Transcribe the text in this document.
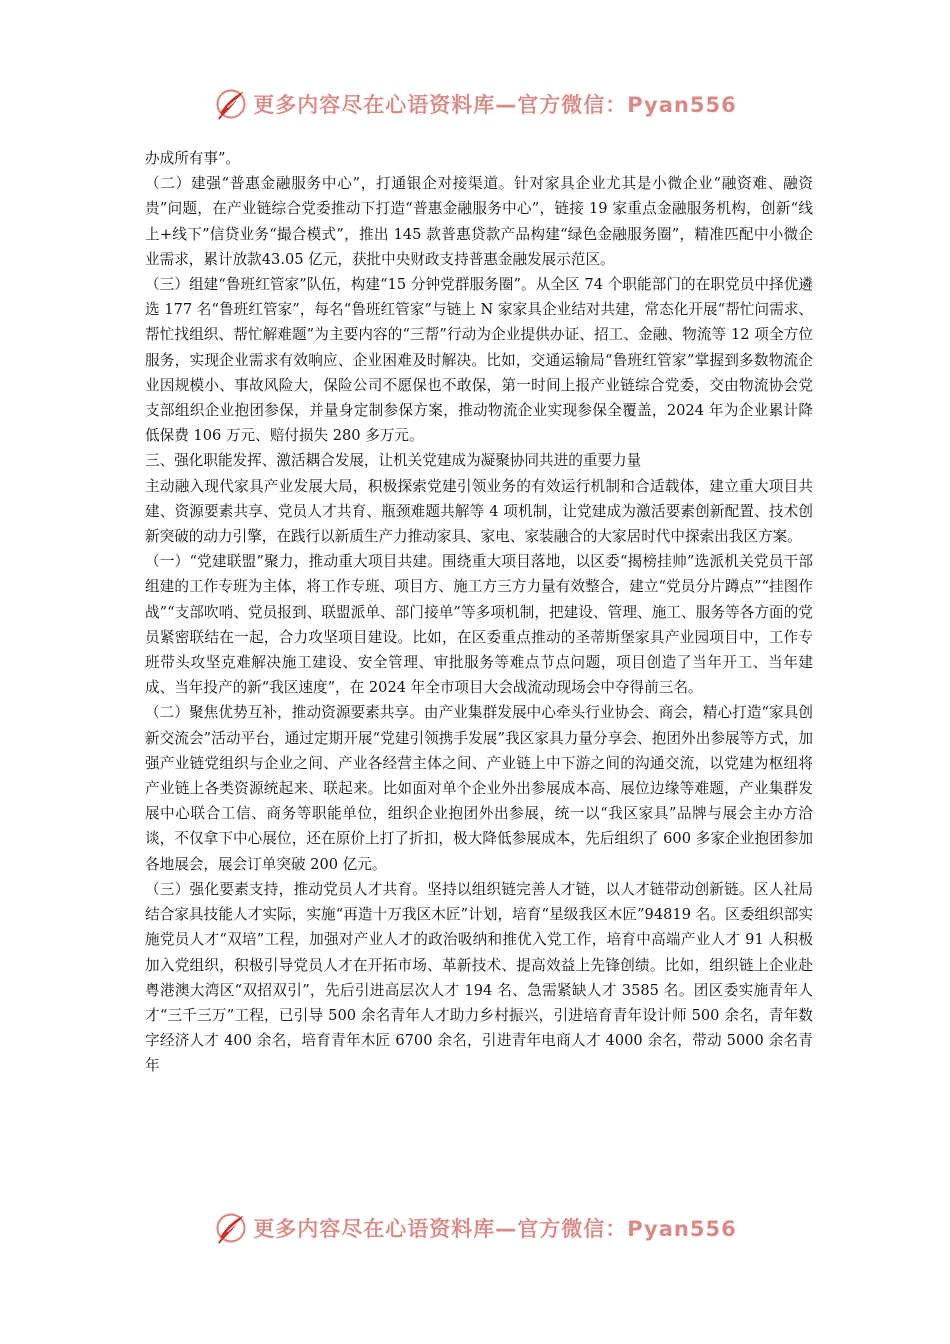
更多内容尽在心语资料库—官方微信：Pyan556

办成所有事”。

（二）建强“普惠金融服务中心”，打通银企对接渠道。针对家具企业尤其是小微企业“融资难、融资贵”问题，在产业链综合党委推动下打造“普惠金融服务中心”，链接 19 家重点金融服务机构，创新“线上+线下”信贷业务“撮合模式”，推出 145 款普惠贷款产品构建“绿色金融服务圈”，精准匹配中小微企业需求，累计放款43.05 亿元，获批中央财政支持普惠金融发展示范区。

（三）组建“鲁班红管家”队伍，构建“15 分钟党群服务圈”。从全区 74 个职能部门的在职党员中择优遴选 177 名“鲁班红管家”，每名“鲁班红管家”与链上 N 家家具企业结对共建，常态化开展“帮忙问需求、帮忙找组织、帮忙解难题”为主要内容的“三帮”行动为企业提供办证、招工、金融、物流等 12 项全方位服务，实现企业需求有效响应、企业困难及时解决。比如，交通运输局“鲁班红管家”掌握到多数物流企业因规模小、事故风险大，保险公司不愿保也不敢保，第一时间上报产业链综合党委，交由物流协会党支部组织企业抱团参保，并量身定制参保方案，推动物流企业实现参保全覆盖，2024 年为企业累计降低保费 106 万元、赔付损失 280 多万元。

三、强化职能发挥、激活耦合发展，让机关党建成为凝聚协同共进的重要力量

主动融入现代家具产业发展大局，积极探索党建引领业务的有效运行机制和合适载体，建立重大项目共建、资源要素共享、党员人才共育、瓶颈难题共解等 4 项机制，让党建成为激活要素创新配置、技术创新突破的动力引擎，在践行以新质生产力推动家具、家电、家装融合的大家居时代中探索出我区方案。

（一）“党建联盟”聚力，推动重大项目共建。围绕重大项目落地，以区委“揭榜挂帅”选派机关党员干部组建的工作专班为主体，将工作专班、项目方、施工方三方力量有效整合，建立“党员分片蹲点”“挂图作战”“支部吹哨、党员报到、联盟派单、部门接单”等多项机制，把建设、管理、施工、服务等各方面的党员紧密联结在一起，合力攻坚项目建设。比如，在区委重点推动的圣蒂斯堡家具产业园项目中，工作专班带头攻坚克难解决施工建设、安全管理、审批服务等难点节点问题，项目创造了当年开工、当年建成、当年投产的新“我区速度”，在 2024 年全市项目大会战流动现场会中夺得前三名。

（二）聚焦优势互补，推动资源要素共享。由产业集群发展中心牵头行业协会、商会，精心打造“家具创新交流会”活动平台，通过定期开展“党建引领携手发展”我区家具力量分享会、抱团外出参展等方式，加强产业链党组织与企业之间、产业各经营主体之间、产业链上中下游之间的沟通交流，以党建为枢纽将产业链上各类资源统起来、联起来。比如面对单个企业外出参展成本高、展位边缘等难题，产业集群发展中心联合工信、商务等职能单位，组织企业抱团外出参展，统一以“我区家具”品牌与展会主办方洽谈，不仅拿下中心展位，还在原价上打了折扣，极大降低参展成本，先后组织了 600 多家企业抱团参加各地展会，展会订单突破 200 亿元。

（三）强化要素支持，推动党员人才共育。坚持以组织链完善人才链，以人才链带动创新链。区人社局结合家具技能人才实际，实施“再造十万我区木匠”计划，培育“星级我区木匠”94819 名。区委组织部实施党员人才“双培”工程，加强对产业人才的政治吸纳和推优入党工作，培育中高端产业人才 91 人积极加入党组织，积极引导党员人才在开拓市场、革新技术、提高效益上先锋创绩。比如，组织链上企业赴粤港澳大湾区“双招双引”，先后引进高层次人才 194 名、急需紧缺人才 3585 名。团区委实施青年人才“三千三万”工程，已引导 500 余名青年人才助力乡村振兴，引进培育青年设计师 500 余名，青年数字经济人才 400 余名，培育青年木匠 6700 余名，引进青年电商人才 4000 余名，带动 5000 余名青年

更多内容尽在心语资料库—官方微信：Pyan556
